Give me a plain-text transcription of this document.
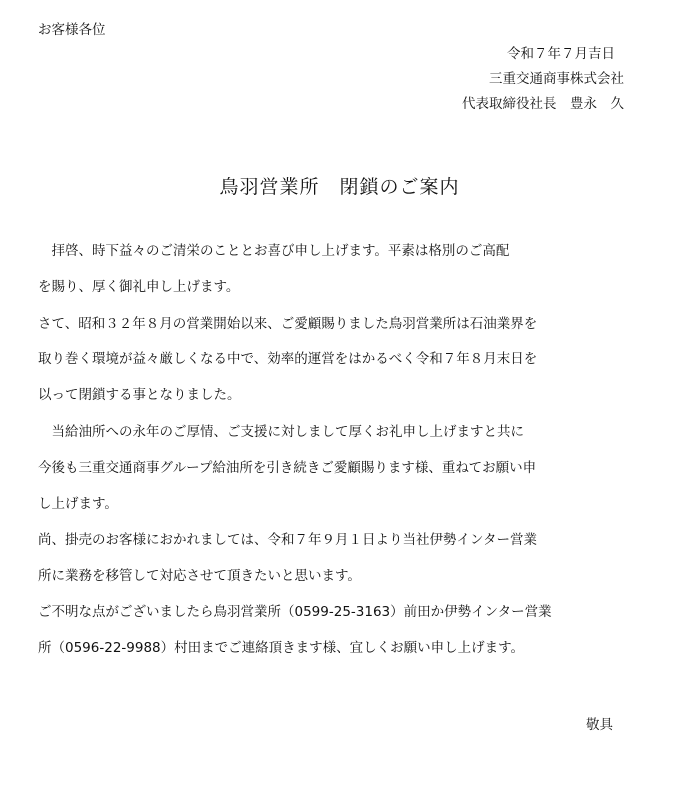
お客様各位
令和７年７月吉日
三重交通商事株式会社
代表取締役社長　豊永　久
鳥羽営業所　閉鎖のご案内
　拝啓、時下益々のご清栄のこととお喜び申し上げます。平素は格別のご高配
を賜り、厚く御礼申し上げます。
さて、昭和３２年８月の営業開始以来、ご愛顧賜りました鳥羽営業所は石油業界を
取り巻く環境が益々厳しくなる中で、効率的運営をはかるべく令和７年８月末日を
以って閉鎖する事となりました。
　当給油所への永年のご厚情、ご支援に対しまして厚くお礼申し上げますと共に
今後も三重交通商事グループ給油所を引き続きご愛顧賜ります様、重ねてお願い申
し上げます。
尚、掛売のお客様におかれましては、令和７年９月１日より当社伊勢インター営業
所に業務を移管して対応させて頂きたいと思います。
ご不明な点がございましたら鳥羽営業所（0599-25-3163）前田か伊勢インター営業
所（0596-22-9988）村田までご連絡頂きます様、宜しくお願い申し上げます。
敬具
